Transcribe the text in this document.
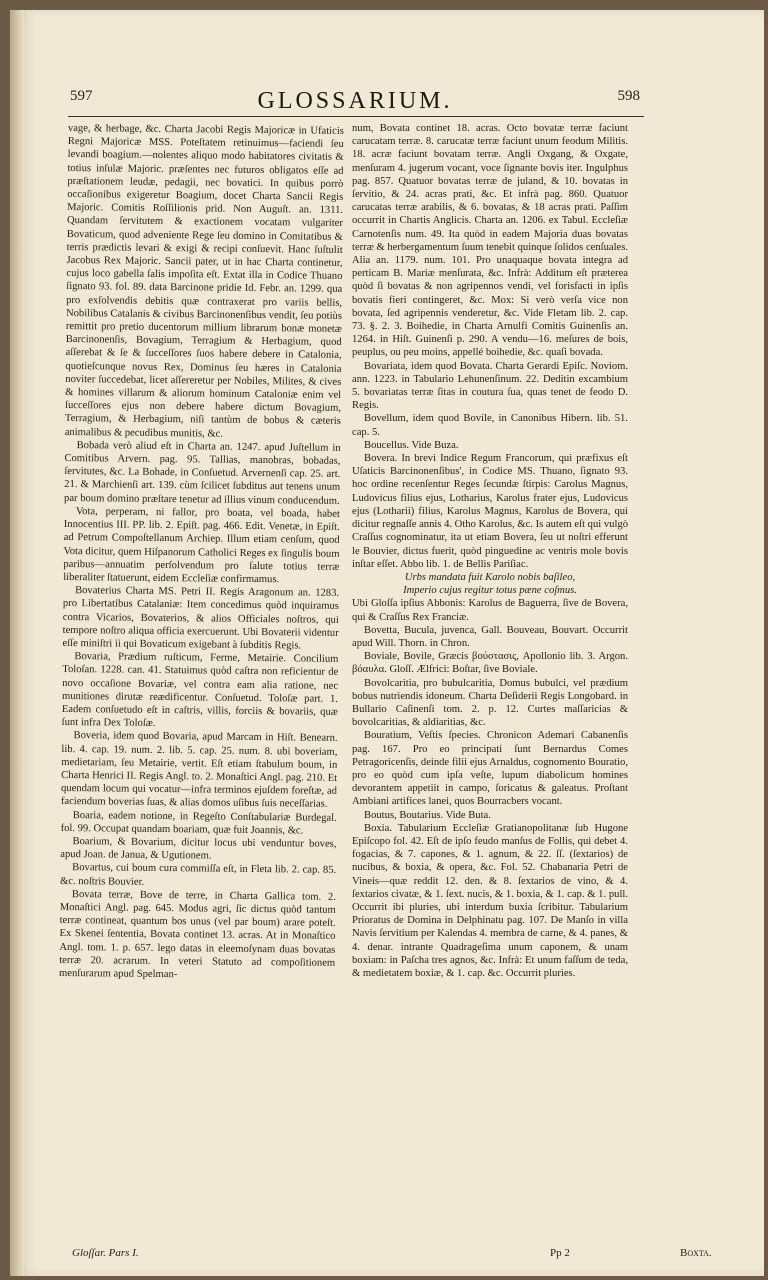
597	GLOSSARIUM.	598

vage, & herbage, &c. Charta Jacobi Regis Majoricæ in Ufaticis Regni Majoricæ MSS. Poteſtatem retinuimus—faciendi ſeu levandi boagium.—nolentes aliquo modo habitatores civitatis & totius inſulæ Majoric. præſentes nec futuros obligatos eſſe ad præſtationem leudæ, pedagii, nec bovatici. In quibus porrò occaſionibus exigeretur Boagium, docet Charta Sancii Regis Majoric. Comitis Roſſilionis prid. Non Auguſt. an. 1311. Quandam ſervitutem & exactionem vocatam vulgariter Bovaticum, quod adveniente Rege ſeu domino in Comitatibus & terris prædictis levari & exigi & recipi conſuevit. Hanc ſuſtulit Jacobus Rex Majoric. Sancii pater, ut in hac Charta continetur, cujus loco gabella ſalis impoſita eſt. Extat illa in Codice Thuano ſignato 93. fol. 89. data Barcinone pridie Id. Febr. an. 1299. qua pro exſolvendis debitis quæ contraxerat pro variis bellis, Nobilibus Catalanis & civibus Barcinonenſibus vendit, ſeu potiùs remittit pro pretio ducentorum millium librarum bonæ monetæ Barcinonenſis, Bovagium, Terragium & Herbagium, quod aſſerebat & ſe & ſucceſſores ſuos habere debere in Catalonia, quotieſcunque novus Rex, Dominus ſeu hæres in Catalonia noviter ſuccedebat, licet aſſereretur per Nobiles, Milites, & cives & homines villarum & aliorum hominum Cataloniæ enim vel ſucceſſores ejus non debere habere dictum Bovagium, Terragium, & Herbagium, niſi tantùm de bobus & cæteris animalibus & pecudibus munitis, &c.

Bobada verò aliud eſt in Charta an. 1247. apud Juſtellum in Comitibus Arvern. pag. 95. Tallias, manobras, bobadas, ſervitutes, &c. La Bohade, in Conſuetud. Arvernenſi cap. 25. art. 21. & Marchienſi art. 139. cùm ſcilicet ſubditus aut tenens unum par boum domino præſtare tenetur ad illius vinum conducendum.

Vota, perperam, ni fallor, pro boata, vel boada, habet Innocentius III. PP. lib. 2. Epiſt. pag. 466. Edit. Venetæ, in Epiſt. ad Petrum Compoſtellanum Archiep. Illum etiam cenſum, quod Vota dicitur, quem Hiſpanorum Catholici Reges ex ſingulis boum paribus—annuatim perſolvendum pro ſalute totius terræ liberaliter ſtatuerunt, eidem Eccleſiæ confirmamus.

Bovaterius Charta MS. Petri II. Regis Aragonum an. 1283. pro Libertatibus Catalaniæ: Item concedimus quòd inquiramus contra Vicarios, Bovaterios, & alios Officiales noſtros, qui tempore noſtro aliqua officia exercuerunt. Ubi Bovaterii videntur eſſe miniſtri ii qui Bovaticum exigebant à ſubditis Regis.

Bovaria, Prædium ruſticum, Ferme, Metairie. Concilium Toloſan. 1228. can. 41. Statuimus quòd caſtra non reficientur de novo occaſione Bovariæ, vel contra eam alia ratione, nec munitiones dirutæ reædificentur. Conſuetud. Toloſæ part. 1. Eadem conſuetudo eſt in caſtris, villis, forciis & bovariis, quæ ſunt infra Dex Toloſæ.

Boveria, idem quod Bovaria, apud Marcam in Hiſt. Benearn. lib. 4. cap. 19. num. 2. lib. 5. cap. 25. num. 8. ubi boveriam, medietariam, ſeu Metairie, vertit. Eſt etiam ſtabulum boum, in Charta Henrici II. Regis Angl. to. 2. Monaſtici Angl. pag. 210. Et quendam locum qui vocatur—infra terminos ejuſdem foreſtæ, ad faciendum boverias ſuas, & alias domos uſibus ſuis neceſſarias.

Boaria, eadem notione, in Regeſto Conſtabulariæ Burdegal. fol. 99. Occupat quandam boariam, quæ fuit Joannis, &c.

Boarium, & Bovarium, dicitur locus ubi venduntur boves, apud Joan. de Janua, & Ugutionem.

Bovartus, cui boum cura commiſſa eſt, in Fleta lib. 2. cap. 85. &c. noſtris Bouvier.

Bovata terræ, Bove de terre, in Charta Gallica tom. 2. Monaſtici Angl. pag. 645. Modus agri, ſic dictus quòd tantum terræ contineat, quantum bos unus (vel par boum) arare poteſt. Ex Skenei ſententia, Bovata continet 13. acras. At in Monaſtico Angl. tom. 1. p. 657. lego datas in eleemoſynam duas bovatas terræ 20. acrarum. In veteri Statuto ad compoſitionem menſurarum apud Spelman-

num, Bovata continet 18. acras. Octo bovatæ terræ faciunt carucatam terræ. 8. carucatæ terræ faciunt unum feodum Militis. 18. acræ faciunt bovatam terræ. Angli Oxgang, & Oxgate, menſuram 4. jugerum vocant, voce ſignante bovis iter. Ingulphus pag. 857. Quatuor bovatas terræ de juland, & 10. bovatas in ſervitio, & 24. acras prati, &c. Et infrà pag. 860. Quatuor carucatas terræ arabilis, & 6. bovatas, & 18 acras prati. Paſſim occurrit in Chartis Anglicis. Charta an. 1206. ex Tabul. Eccleſiæ Carnotenſis num. 49. Ita quòd in eadem Majoria duas bovatas terræ & herbergamentum ſuum tenebit quinque ſolidos cenſuales. Alia an. 1179. num. 101. Pro unaquaque bovata integra ad perticam B. Mariæ menſurata, &c. Infrà: Additum eſt præterea quòd ſi bovatas & non agripennos vendi, vel forisfacti in ipſis bovatis fieri contingeret, &c. Mox: Si verò verſa vice non bovata, ſed agripennis venderetur, &c. Vide Fletam lib. 2. cap. 73. §. 2. 3. Boihedie, in Charta Arnulfi Comitis Guinenſis an. 1264. in Hiſt. Guinenſi p. 290. A vendu—16. meſures de bois, peuplus, ou peu moins, appellé boihedie, &c. quaſi bovada.

Bovariata, idem quod Bovata. Charta Gerardi Epiſc. Noviom. ann. 1223. in Tabulario Lehunenſinum. 22. Deditin excambium 5. bovariatas terræ ſitas in coutura ſua, quas tenet de feodo D. Regis.

Bovellum, idem quod Bovile, in Canonibus Hibern. lib. 51. cap. 5.

Boucellus. Vide Buza.

Bovera. In brevi Indice Regum Francorum, qui præfixus eſt Uſaticis Barcinonenſibus', in Codice MS. Thuano, ſignato 93. hoc ordine recenſentur Reges ſecundæ ſtirpis: Carolus Magnus, Ludovicus filius ejus, Lotharius, Karolus frater ejus, Ludovicus ejus (Lotharii) filius, Karolus Magnus, Karolus de Bovera, qui dicitur regnaſſe annis 4. Otho Karolus, &c. Is autem eſt qui vulgò Craſſus cognominatur, ita ut etiam Bovera, ſeu ut noſtri efferunt le Bouvier, dictus fuerit, quòd pinguedine ac ventris mole bovis inſtar eſſet. Abbo lib. 1. de Bellis Pariſiac.

Urbs mandata fuit Karolo nobis baſileo,

Imperio cujus regitur totus pæne coſmus.

Ubi Gloſſa ipſius Abbonis: Karolus de Baguerra, ſive de Bovera, qui & Craſſus Rex Franciæ.

Bovetta, Bucula, juvenca, Gall. Bouveau, Bouvart. Occurrit apud Will. Thorn. in Chron.

Boviale, Bovile, Græcis βούστασις, Apollonio lib. 3. Argon. βόαυλα. Gloſſ. Ælfrici: Boſtar, ſive Boviale.

Bovolcaritia, pro bubulcaritia, Domus bubulci, vel prædium bobus nutriendis idoneum. Charta Deſiderii Regis Longobard. in Bullario Caſinenſi tom. 2. p. 12. Curtes maſſaricias & bovolcaritias, & aldiaritias, &c.

Bouratium, Veſtis ſpecies. Chronicon Ademari Cabanenſis pag. 167. Pro eo principati ſunt Bernardus Comes Petragoricenſis, deinde filii ejus Arnaldus, cognomento Bouratio, pro eo quòd cum ipſa veſte, lupum diabolicum homines devorantem appetiit in campo, ſoricatus & galeatus. Proſtant Ambiani artifices lanei, quos Bourracbers vocant.

Boutus, Boutarius. Vide Buta.

Boxia. Tabularium Eccleſiæ Gratianopolitanæ ſub Hugone Epiſcopo fol. 42. Eſt de ipſo feudo manſus de Follis, qui debet 4. fogacias, & 7. capones, & 1. agnum, & 22. ſſ. (ſextarios) de nucibus, & boxia, & opera, &c. Fol. 52. Chabanaria Petri de Vineis—quæ reddit 12. den. & 8. ſextarios de vino, & 4. ſextarios civatæ, & 1. ſext. nucis, & 1. boxia, & 1. cap. & 1. pull. Occurrit ibi pluries, ubi interdum buxia ſcribitur. Tabularium Prioratus de Domina in Delphinatu pag. 107. De Manſo in villa Navis ſervitium per Kalendas 4. membra de carne, & 4. panes, & 4. denar. intrante Quadrageſima unum caponem, & unam boxiam: in Paſcha tres agnos, &c. Infrà: Et unum faſſum de teda, & medietatem boxiæ, & 1. cap. &c. Occurrit pluries.

Gloſſar. Pars I.	Pp 2	Boxta.
